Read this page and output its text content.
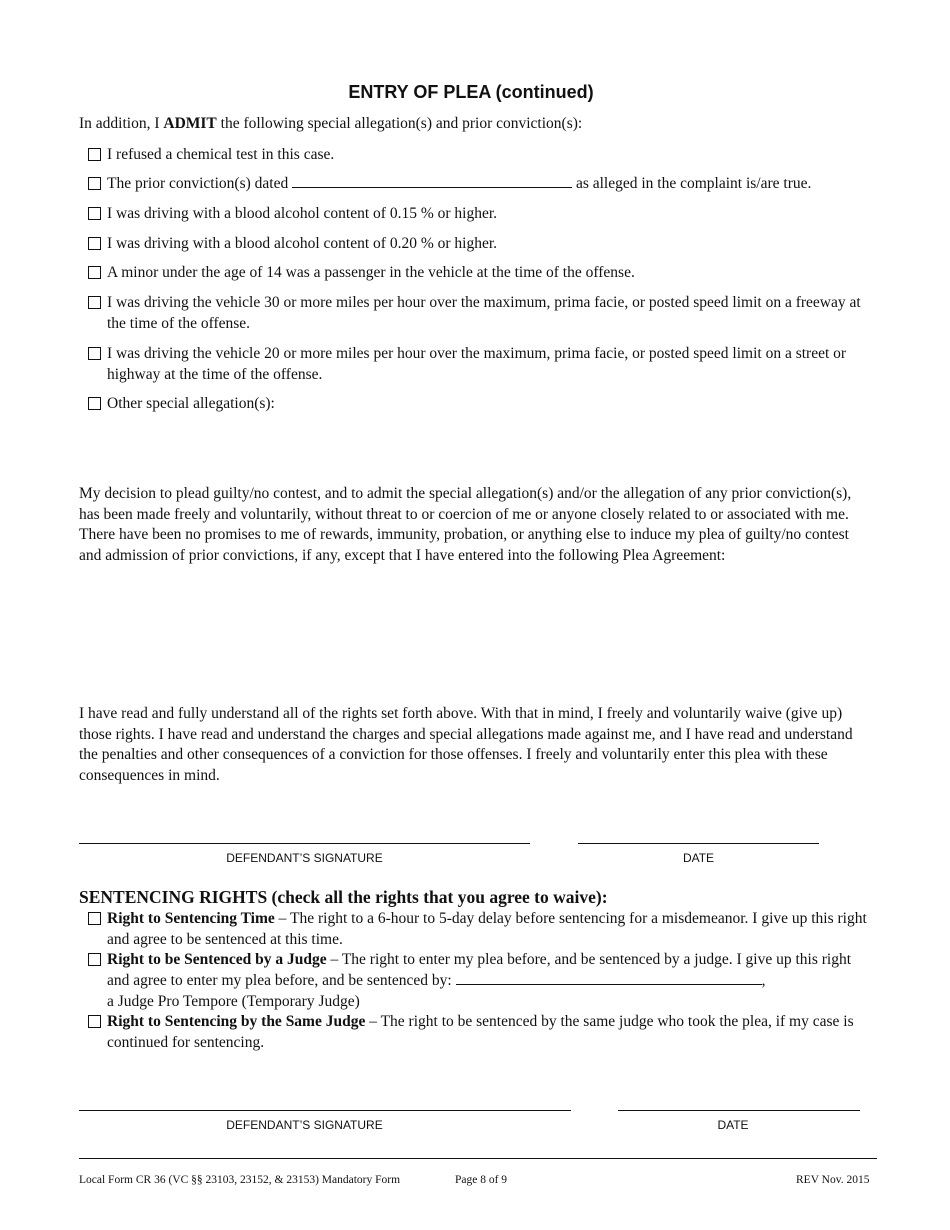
ENTRY OF PLEA (continued)
In addition, I ADMIT the following special allegation(s) and prior conviction(s):
I refused a chemical test in this case.
The prior conviction(s) dated	as alleged in the complaint is/are true.
I was driving with a blood alcohol content of 0.15 % or higher.
I was driving with a blood alcohol content of 0.20 % or higher.
A minor under the age of 14 was a passenger in the vehicle at the time of the offense.
I was driving the vehicle 30 or more miles per hour over the maximum, prima facie, or posted speed limit on a freeway at the time of the offense.
I was driving the vehicle 20 or more miles per hour over the maximum, prima facie, or posted speed limit on a street or highway at the time of the offense.
Other special allegation(s):
My decision to plead guilty/no contest, and to admit the special allegation(s) and/or the allegation of any prior conviction(s), has been made freely and voluntarily, without threat to or coercion of me or anyone closely related to or associated with me. There have been no promises to me of rewards, immunity, probation, or anything else to induce my plea of guilty/no contest and admission of prior convictions, if any, except that I have entered into the following Plea Agreement:
I have read and fully understand all of the rights set forth above. With that in mind, I freely and voluntarily waive (give up) those rights. I have read and understand the charges and special allegations made against me, and I have read and understand the penalties and other consequences of a conviction for those offenses. I freely and voluntarily enter this plea with these consequences in mind.
DEFENDANT’S SIGNATURE	DATE
SENTENCING RIGHTS (check all the rights that you agree to waive):
Right to Sentencing Time – The right to a 6-hour to 5-day delay before sentencing for a misdemeanor. I give up this right and agree to be sentenced at this time.
Right to be Sentenced by a Judge – The right to enter my plea before, and be sentenced by a judge. I give up this right and agree to enter my plea before, and be sentenced by:	,
a Judge Pro Tempore (Temporary Judge)
Right to Sentencing by the Same Judge – The right to be sentenced by the same judge who took the plea, if my case is continued for sentencing.
DEFENDANT’S SIGNATURE	DATE
Local Form CR 36 (VC §§ 23103, 23152, & 23153) Mandatory Form	Page 8 of 9	REV Nov. 2015
